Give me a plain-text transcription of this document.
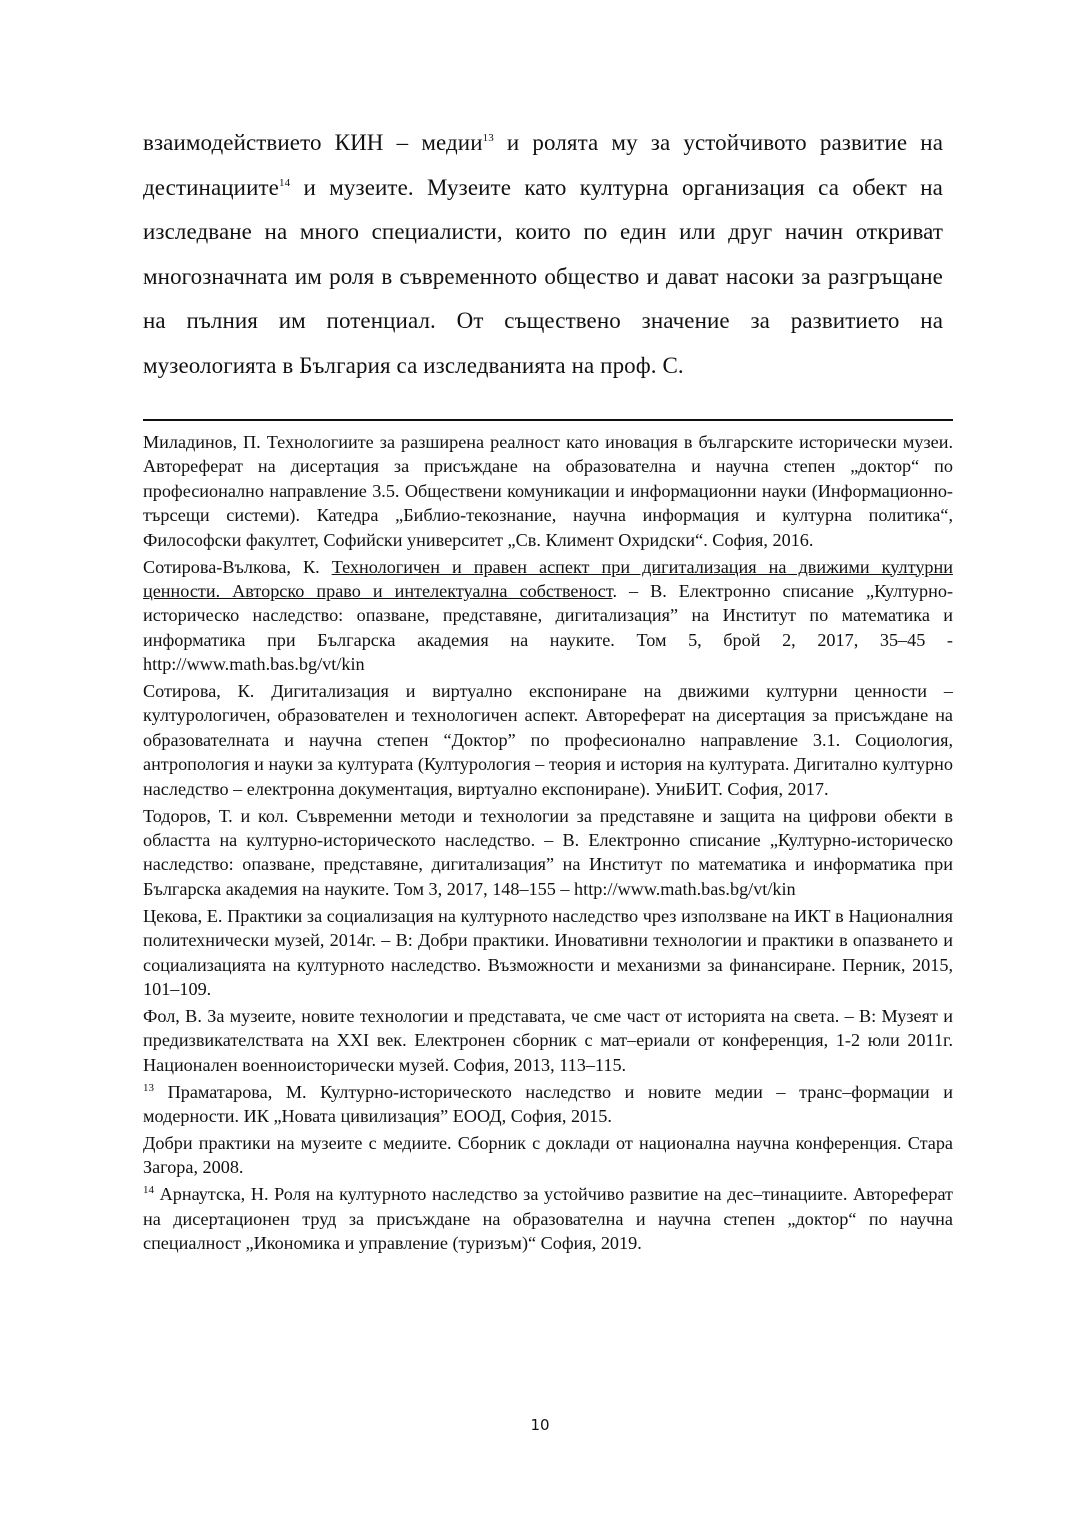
взаимодействието КИН – медии$^{13}$ и ролята му за устойчивото развитие на дестинациите$^{14}$ и музеите. Музеите като културна организация са обект на изследване на много специалисти, които по един или друг начин откриват многозначната им роля в съвременното общество и дават насоки за разгръщане на пълния им потенциал. От съществено значение за развитието на музеологията в България са изследванията на проф. С.

Миладинов, П. Технологиите за разширена реалност като иновация в българските исторически музеи. Автореферат на дисертация за присъждане на образователна и научна степен „доктор“ по професионално направление 3.5. Обществени комуникации и информационни науки (Информационно-търсещи системи). Катедра „Библио-текознание, научна информация и културна политика“, Философски факултет, Софийски университет „Св. Климент Охридски“. София, 2016.

Сотирова-Вълкова, К. Технологичен и правен аспект при дигитализация на движими културни ценности. Авторско право и интелектуална собственост. – В. Електронно списание „Културно-историческо наследство: опазване, представяне, дигитализация” на Институт по математика и информатика при Българска академия на науките. Том 5, брой 2, 2017, 35–45 - http://www.math.bas.bg/vt/kin

Сотирова, К. Дигитализация и виртуално експониране на движими културни ценности – културологичен, образователен и технологичен аспект. Автореферат на дисертация за присъждане на образователната и научна степен “Доктор” по професионално направление 3.1. Социология, антропология и науки за културата (Културология – теория и история на културата. Дигитално културно наследство – електронна документация, виртуално експониране). УниБИТ. София, 2017.

Тодоров, Т. и кол. Съвременни методи и технологии за представяне и защита на цифрови обекти в областта на културно-историческото наследство. – В. Електронно списание „Културно-историческо наследство: опазване, представяне, дигитализация” на Институт по математика и информатика при Българска академия на науките. Том 3, 2017, 148–155 – http://www.math.bas.bg/vt/kin

Цекова, Е. Практики за социализация на културното наследство чрез използване на ИКТ в Националния политехнически музей, 2014г. – В: Добри практики. Иновативни технологии и практики в опазването и социализацията на културното наследство. Възможности и механизми за финансиране. Перник, 2015, 101–109.

Фол, В. За музеите, новите технологии и представата, че сме част от историята на света. – В: Музеят и предизвикателствата на XXI век. Електронен сборник с мат–ериали от конференция, 1-2 юли 2011г. Национален военноисторически музей. София, 2013, 113–115.

$^{13}$ Праматарова, М. Културно-историческото наследство и новите медии – транс–формации и модерности. ИК „Новата цивилизация” ЕООД, София, 2015.

Добри практики на музеите с медиите. Сборник с доклади от национална научна конференция. Стара Загора, 2008.

$^{14}$ Арнаутска, Н. Роля на културното наследство за устойчиво развитие на дес–тинациите. Автореферат на дисертационен труд за присъждане на образователна и научна степен „доктор“ по научна специалност „Икономика и управление (туризъм)“ София, 2019.

10
